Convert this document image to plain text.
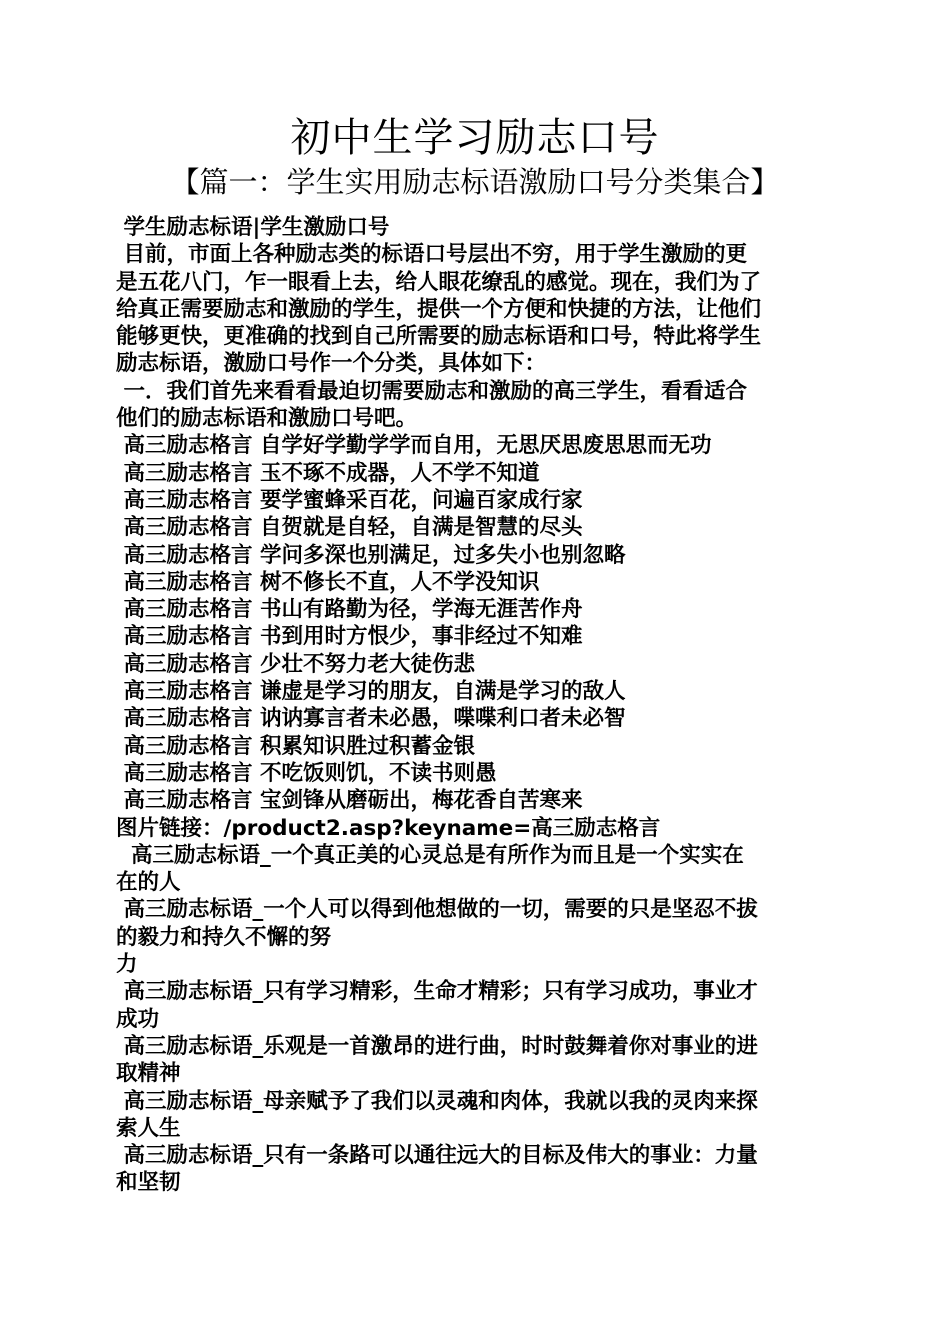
初中生学习励志口号
【篇一：学生实用励志标语激励口号分类集合】
学生励志标语|学生激励口号
目前，市面上各种励志类的标语口号层出不穷，用于学生激励的更
是五花八门，乍一眼看上去，给人眼花缭乱的感觉。现在，我们为了
给真正需要励志和激励的学生，提供一个方便和快捷的方法，让他们
能够更快，更准确的找到自己所需要的励志标语和口号，特此将学生
励志标语，激励口号作一个分类，具体如下：
一．我们首先来看看最迫切需要励志和激励的高三学生，看看适合
他们的励志标语和激励口号吧。
高三励志格言 自学好学勤学学而自用，无思厌思废思思而无功
高三励志格言 玉不琢不成器，人不学不知道
高三励志格言 要学蜜蜂采百花，问遍百家成行家
高三励志格言 自贺就是自轻，自满是智慧的尽头
高三励志格言 学问多深也别满足，过多失小也别忽略
高三励志格言 树不修长不直，人不学没知识
高三励志格言 书山有路勤为径，学海无涯苦作舟
高三励志格言 书到用时方恨少，事非经过不知难
高三励志格言 少壮不努力老大徒伤悲
高三励志格言 谦虚是学习的朋友，自满是学习的敌人
高三励志格言 讷讷寡言者未必愚，喋喋利口者未必智
高三励志格言 积累知识胜过积蓄金银
高三励志格言 不吃饭则饥，不读书则愚
高三励志格言 宝剑锋从磨砺出，梅花香自苦寒来
图片链接：/product2.asp?keyname=高三励志格言
高三励志标语_一个真正美的心灵总是有所作为而且是一个实实在
在的人
高三励志标语_一个人可以得到他想做的一切，需要的只是坚忍不拔
的毅力和持久不懈的努
力
高三励志标语_只有学习精彩，生命才精彩；只有学习成功，事业才
成功
高三励志标语_乐观是一首激昂的进行曲，时时鼓舞着你对事业的进
取精神
高三励志标语_母亲赋予了我们以灵魂和肉体，我就以我的灵肉来探
索人生
高三励志标语_只有一条路可以通往远大的目标及伟大的事业：力量
和坚韧
